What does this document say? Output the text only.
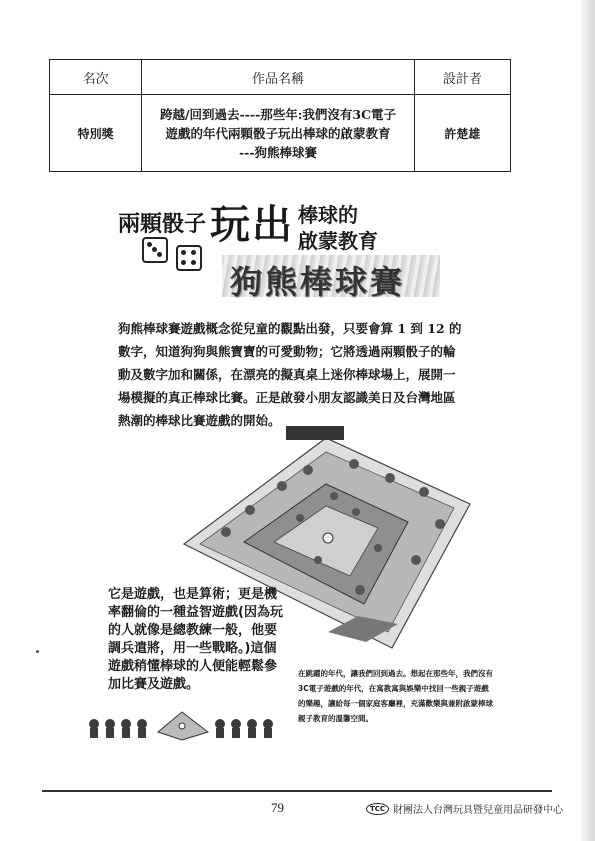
名次	作品名稱	設計者
特別獎	跨越/回到過去----那些年:我們沒有3C電子
遊戲的年代兩顆骰子玩出棒球的啟蒙教育
---狗熊棒球賽	許楚雄
兩顆骰子 玩出 棒球的
啟蒙教育
狗熊棒球賽

狗熊棒球賽遊戲概念從兒童的觀點出發，只要會算 1 到 12 的數字，知道狗狗與熊寶寶的可愛動物；它將透過兩顆骰子的輪動及數字加和關係，在漂亮的擬真桌上迷你棒球場上，展開一場模擬的真正棒球比賽。正是啟發小朋友認識美日及台灣地區熱潮的棒球比賽遊戲的開始。

它是遊戲，也是算術；更是機率翻倫的一種益智遊戲(因為玩的人就像是總教練一般，他要調兵遣將，用一些戰略。)這個遊戲稍懂棒球的人便能輕鬆參加比賽及遊戲。

在跳躍的年代，讓我們回到過去。想起在那些年，我們沒有3C電子遊戲的年代，在寓教寓與娛樂中找回一些親子遊戲的樂趣，讓給每一個家庭客廳裡，充滿歡樂與兼附啟蒙棒球親子教育的溫馨空間。

79	TCC 財團法人台灣玩具暨兒童用品研發中心
